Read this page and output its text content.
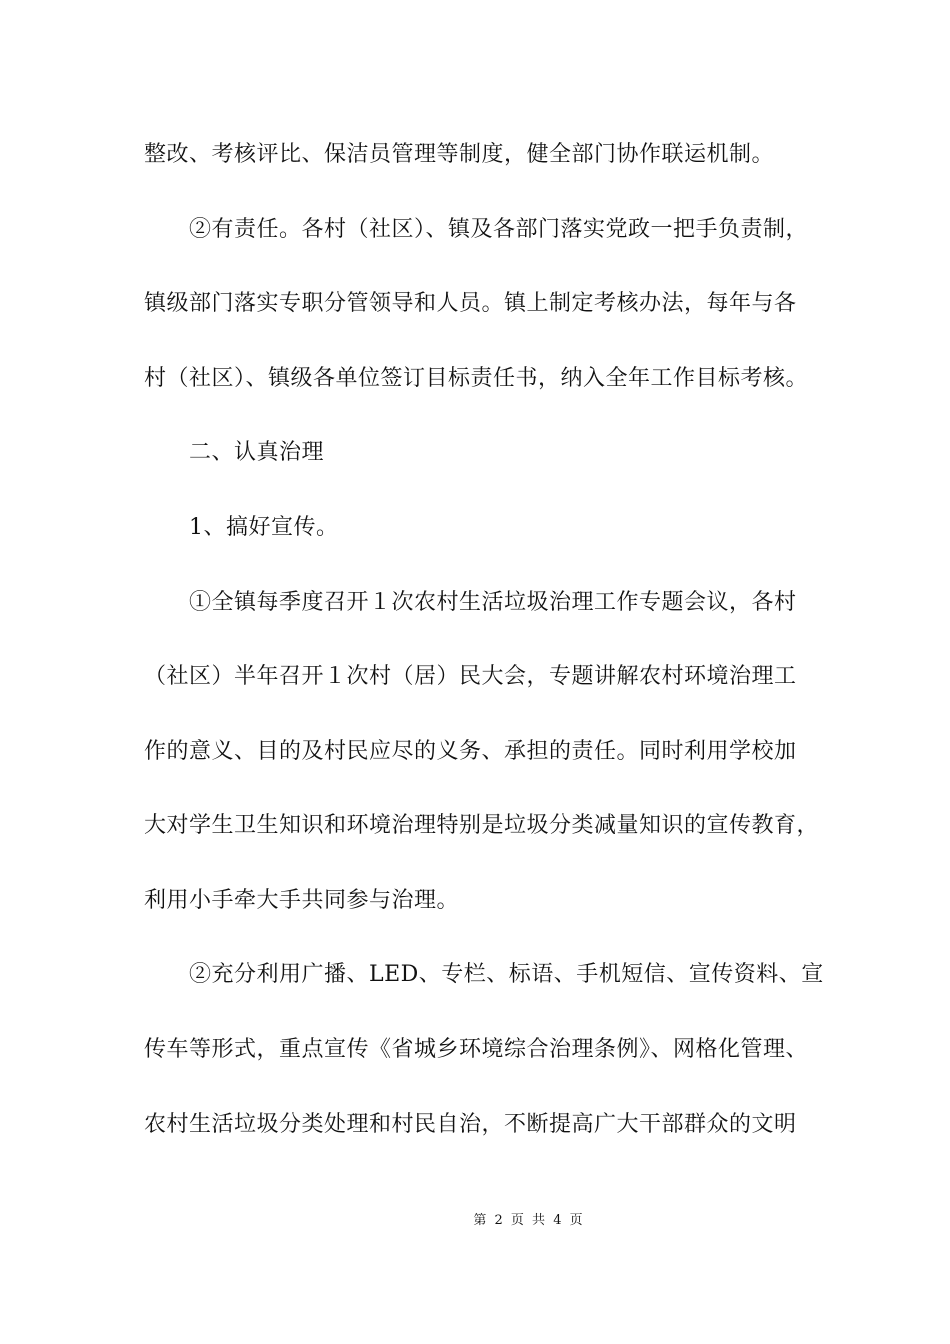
整改、考核评比、保洁员管理等制度，健全部门协作联运机制。
②有责任。各村（社区）、镇及各部门落实党政一把手负责制，
镇级部门落实专职分管领导和人员。镇上制定考核办法，每年与各
村（社区）、镇级各单位签订目标责任书，纳入全年工作目标考核。
二、认真治理
1、搞好宣传。
①全镇每季度召开１次农村生活垃圾治理工作专题会议，各村
（社区）半年召开１次村（居）民大会，专题讲解农村环境治理工
作的意义、目的及村民应尽的义务、承担的责任。同时利用学校加
大对学生卫生知识和环境治理特别是垃圾分类减量知识的宣传教育，
利用小手牵大手共同参与治理。
②充分利用广播、LED、专栏、标语、手机短信、宣传资料、宣
传车等形式，重点宣传《省城乡环境综合治理条例》、网格化管理、
农村生活垃圾分类处理和村民自治，不断提高广大干部群众的文明
第 2 页 共 4 页
